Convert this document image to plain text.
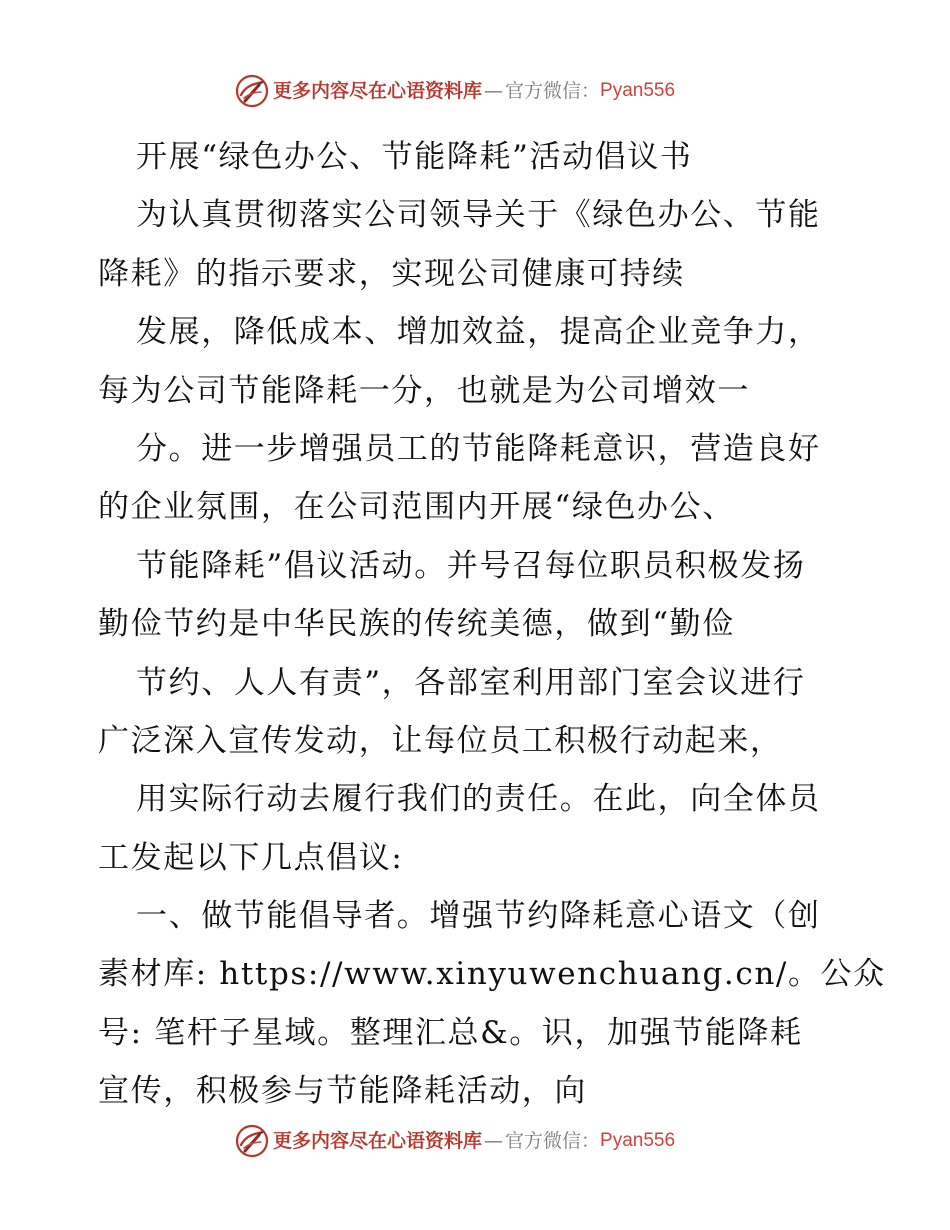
更多内容尽在心语资料库 — 官方微信： Pyan556
开展“绿色办公、节能降耗”活动倡议书
为认真贯彻落实公司领导关于《绿色办公、节能
降耗》的指示要求，实现公司健康可持续
发展，降低成本、增加效益，提高企业竞争力，
每为公司节能降耗一分，也就是为公司增效一
分。进一步增强员工的节能降耗意识，营造良好
的企业氛围，在公司范围内开展“绿色办公、
节能降耗”倡议活动。并号召每位职员积极发扬
勤俭节约是中华民族的传统美德，做到“勤俭
节约、人人有责”，各部室利用部门室会议进行
广泛深入宣传发动，让每位员工积极行动起来，
用实际行动去履行我们的责任。在此，向全体员
工发起以下几点倡议:
一、做节能倡导者。增强节约降耗意心语文（创
素材库: https://www.xinyuwenchuang.cn/。公众
号: 笔杆子星域。整理汇总&。识，加强节能降耗
宣传，积极参与节能降耗活动，向
更多内容尽在心语资料库 — 官方微信： Pyan556
